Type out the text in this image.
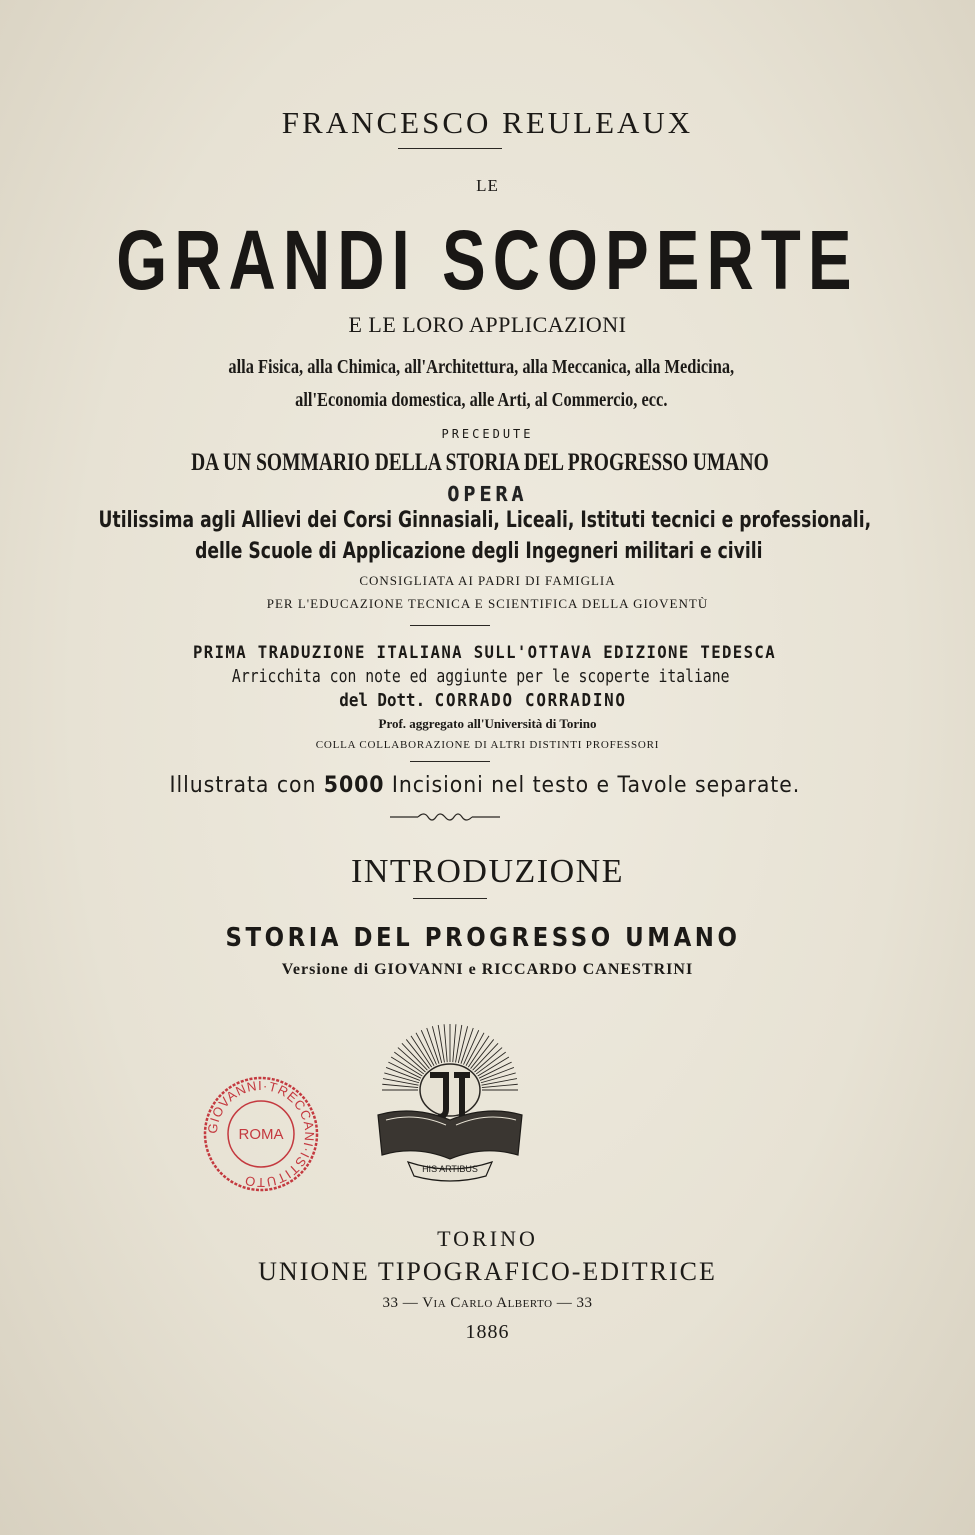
FRANCESCO REULEAUX
LE
GRANDI SCOPERTE
E LE LORO APPLICAZIONI
alla Fisica, alla Chimica, all'Architettura, alla Meccanica, alla Medicina,
all'Economia domestica, alle Arti, al Commercio, ecc.
PRECEDUTE
DA UN SOMMARIO DELLA STORIA DEL PROGRESSO UMANO
OPERA
Utilissima agli Allievi dei Corsi Ginnasiali, Liceali, Istituti tecnici e professionali,
delle Scuole di Applicazione degli Ingegneri militari e civili
CONSIGLIATA AI PADRI DI FAMIGLIA
PER L'EDUCAZIONE TECNICA E SCIENTIFICA DELLA GIOVENTÙ
PRIMA TRADUZIONE ITALIANA SULL'OTTAVA EDIZIONE TEDESCA
Arricchita con note ed aggiunte per le scoperte italiane
del Dott. CORRADO CORRADINO
Prof. aggregato all'Università di Torino
COLLA COLLABORAZIONE DI ALTRI DISTINTI PROFESSORI
Illustrata con 5000 Incisioni nel testo e Tavole separate.
INTRODUZIONE
STORIA DEL PROGRESSO UMANO
Versione di GIOVANNI e RICCARDO CANESTRINI
HIS ARTIBUS
GIOVANNI·TRECCANI·ISTITUTO
ROMA
TORINO
UNIONE TIPOGRAFICO-EDITRICE
33 — Via Carlo Alberto — 33
1886
